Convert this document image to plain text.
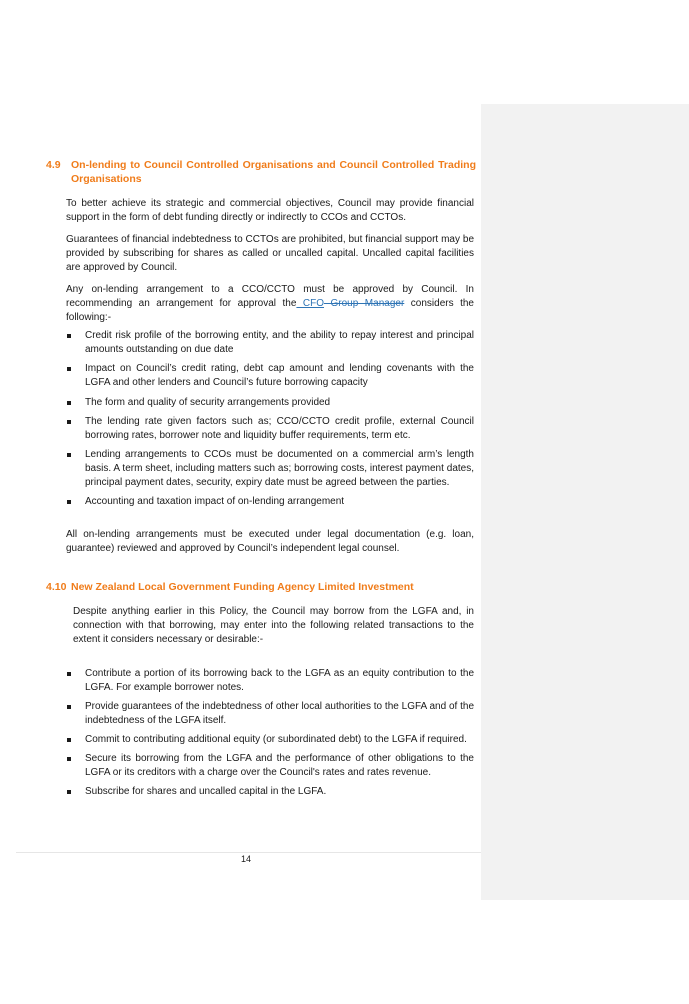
4.9 On-lending to Council Controlled Organisations and Council Controlled Trading Organisations
To better achieve its strategic and commercial objectives, Council may provide financial support in the form of debt funding directly or indirectly to CCOs and CCTOs.
Guarantees of financial indebtedness to CCTOs are prohibited, but financial support may be provided by subscribing for shares as called or uncalled capital. Uncalled capital facilities are approved by Council.
Any on-lending arrangement to a CCO/CCTO must be approved by Council. In recommending an arrangement for approval the CFO Group Manager considers the following:-
Credit risk profile of the borrowing entity, and the ability to repay interest and principal amounts outstanding on due date
Impact on Council’s credit rating, debt cap amount and lending covenants with the LGFA and other lenders and Council’s future borrowing capacity
The form and quality of security arrangements provided
The lending rate given factors such as; CCO/CCTO credit profile, external Council borrowing rates, borrower note and liquidity buffer requirements, term etc.
Lending arrangements to CCOs must be documented on a commercial arm’s length basis. A term sheet, including matters such as; borrowing costs, interest payment dates, principal payment dates, security, expiry date must be agreed between the parties.
Accounting and taxation impact of on-lending arrangement
All on-lending arrangements must be executed under legal documentation (e.g. loan, guarantee) reviewed and approved by Council’s independent legal counsel.
4.10 New Zealand Local Government Funding Agency Limited Investment
Despite anything earlier in this Policy, the Council may borrow from the LGFA and, in connection with that borrowing, may enter into the following related transactions to the extent it considers necessary or desirable:-
Contribute a portion of its borrowing back to the LGFA as an equity contribution to the LGFA. For example borrower notes.
Provide guarantees of the indebtedness of other local authorities to the LGFA and of the indebtedness of the LGFA itself.
Commit to contributing additional equity (or subordinated debt) to the LGFA if required.
Secure its borrowing from the LGFA and the performance of other obligations to the LGFA or its creditors with a charge over the Council's rates and rates revenue.
Subscribe for shares and uncalled capital in the LGFA.
14
